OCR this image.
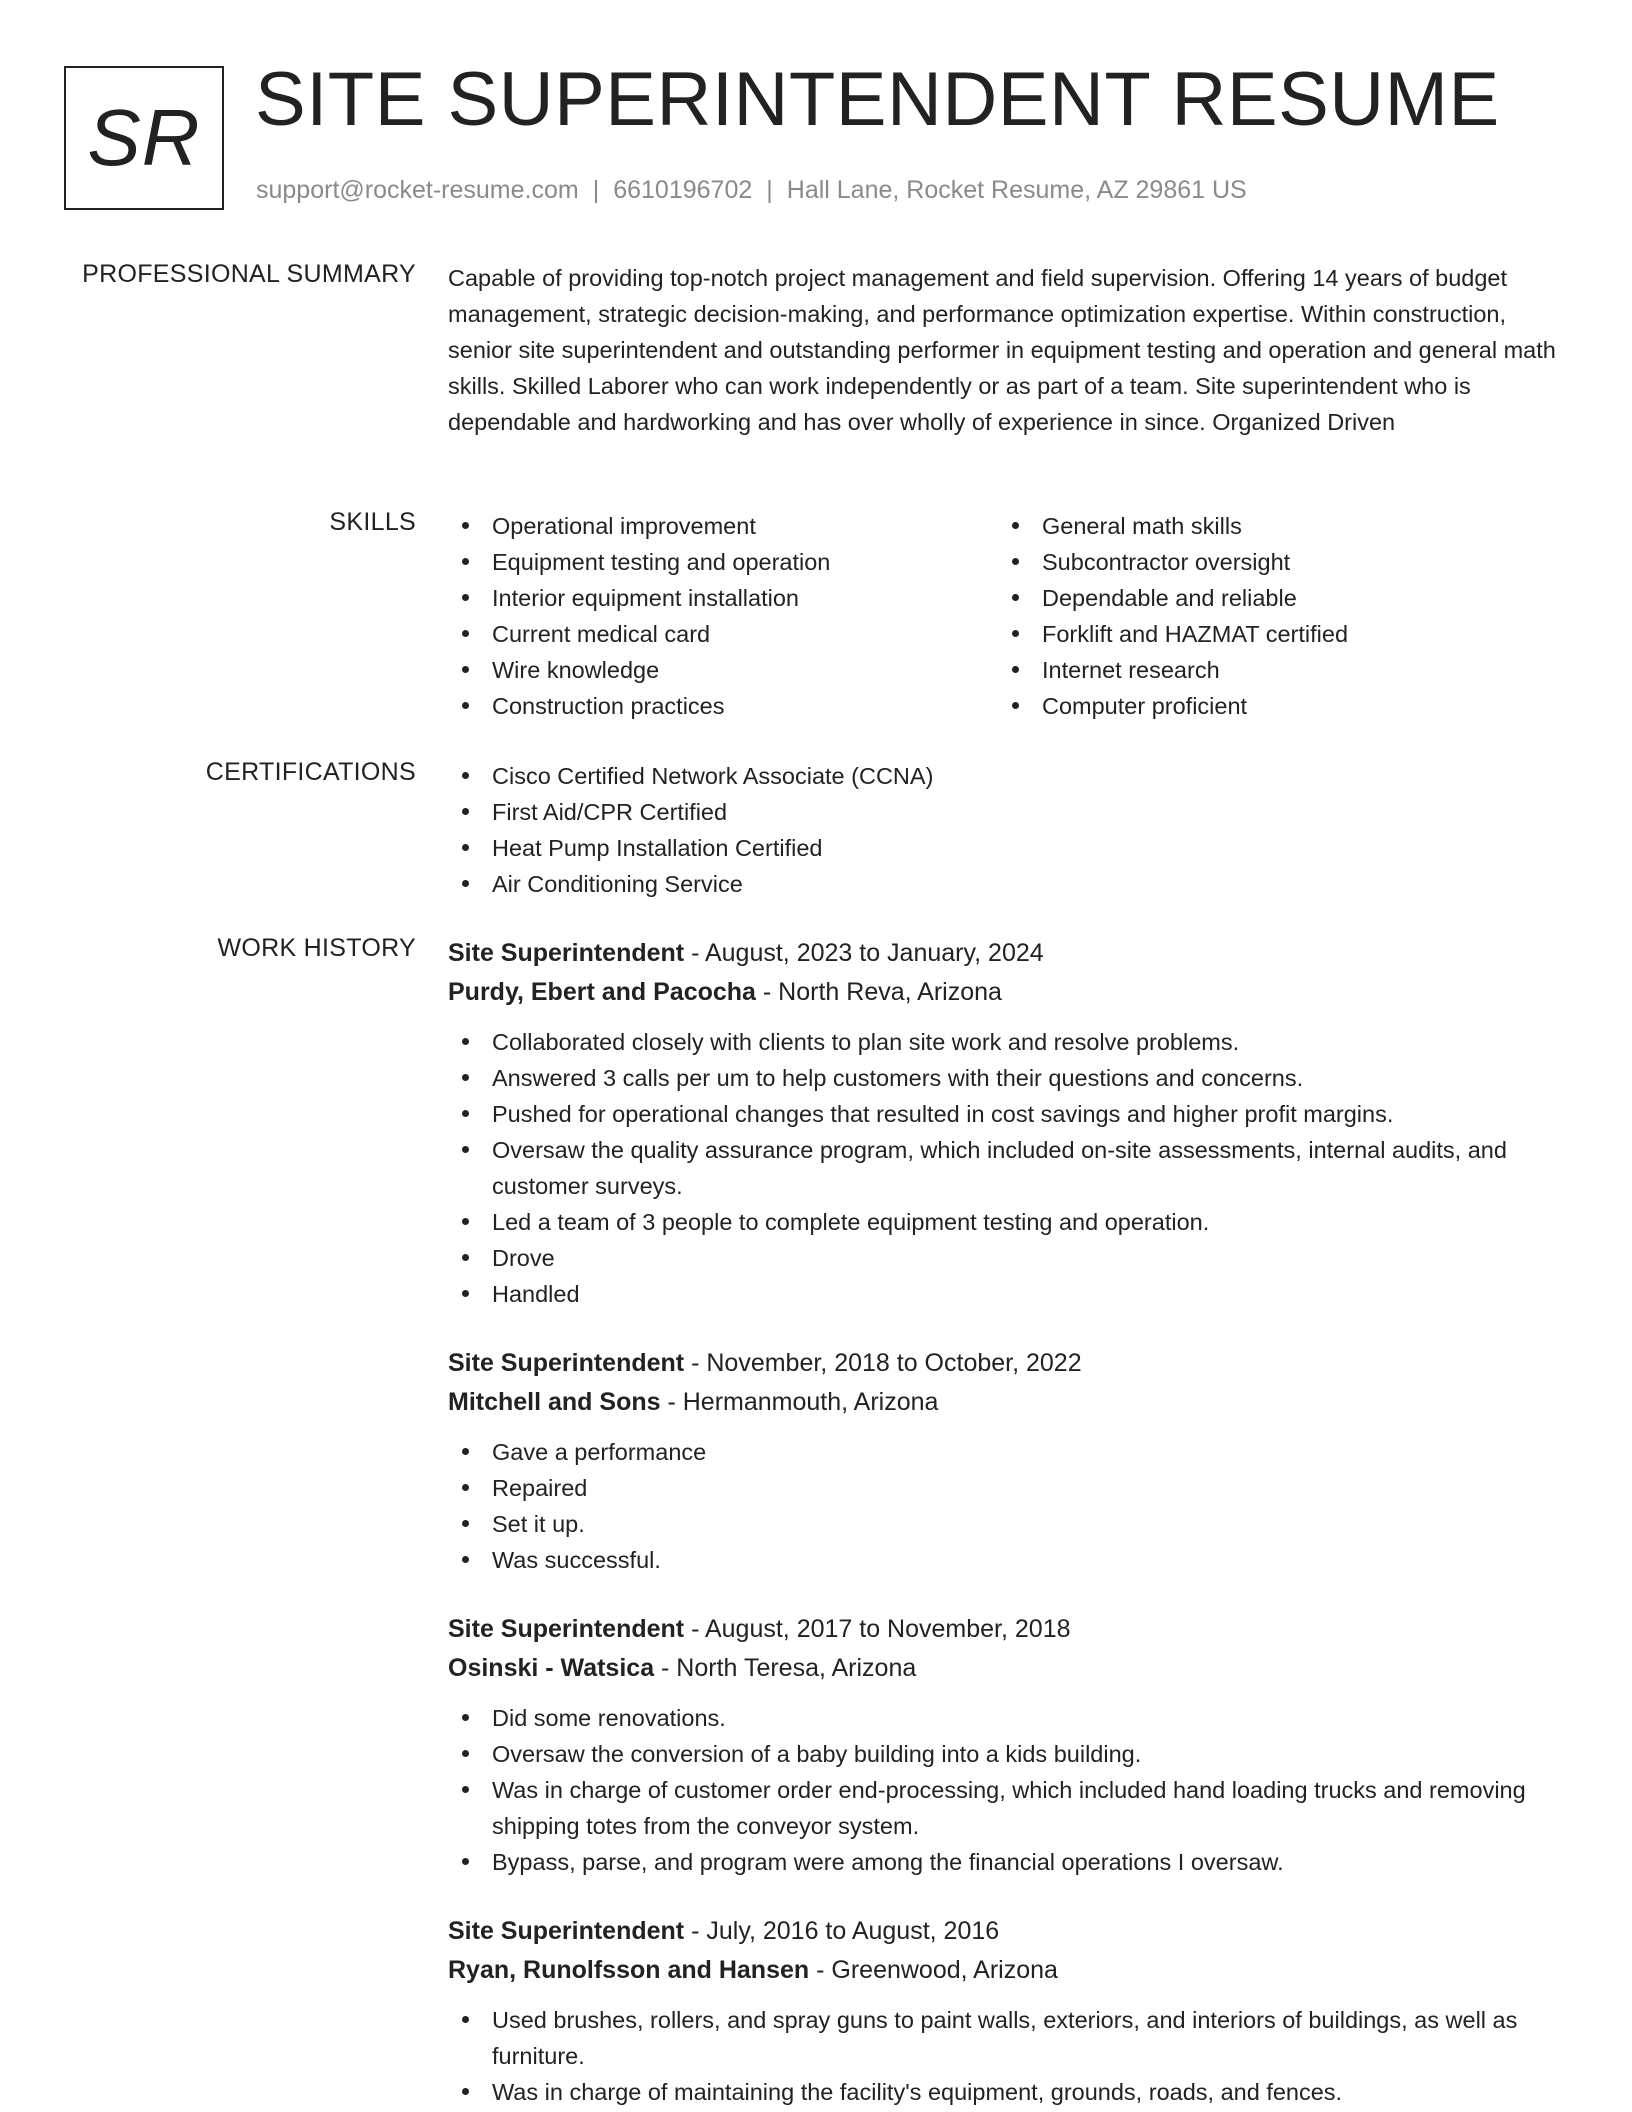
SR SITE SUPERINTENDENT RESUME
support@rocket-resume.com | 6610196702 | Hall Lane, Rocket Resume, AZ 29861 US
PROFESSIONAL SUMMARY Capable of providing top-notch project management and field supervision. Offering 14 years of budget management, strategic decision-making, and performance optimization expertise. Within construction, senior site superintendent and outstanding performer in equipment testing and operation and general math skills. Skilled Laborer who can work independently or as part of a team. Site superintendent who is dependable and hardworking and has over wholly of experience in since. Organized Driven

SKILLS	Operational improvement
Equipment testing and operation
Interior equipment installation
Current medical card
Wire knowledge
Construction practices
General math skills
Subcontractor oversight
Dependable and reliable
Forklift and HAZMAT certified
Internet research
Computer proficient
CERTIFICATIONS	Cisco Certified Network Associate (CCNA)
First Aid/CPR Certified
Heat Pump Installation Certified
Air Conditioning Service
WORK HISTORY Site Superintendent - August, 2023 to January, 2024
Purdy, Ebert and Pacocha - North Reva, Arizona
Collaborated closely with clients to plan site work and resolve problems.
Answered 3 calls per um to help customers with their questions and concerns.
Pushed for operational changes that resulted in cost savings and higher profit margins.
Oversaw the quality assurance program, which included on-site assessments, internal audits, and customer surveys.
Led a team of 3 people to complete equipment testing and operation.
Drove
Handled
Site Superintendent - November, 2018 to October, 2022
Mitchell and Sons - Hermanmouth, Arizona
Gave a performance
Repaired
Set it up.
Was successful.
Site Superintendent - August, 2017 to November, 2018
Osinski - Watsica - North Teresa, Arizona
Did some renovations.
Oversaw the conversion of a baby building into a kids building.
Was in charge of customer order end-processing, which included hand loading trucks and removing shipping totes from the conveyor system.
Bypass, parse, and program were among the financial operations I oversaw.
Site Superintendent - July, 2016 to August, 2016
Ryan, Runolfsson and Hansen - Greenwood, Arizona
Used brushes, rollers, and spray guns to paint walls, exteriors, and interiors of buildings, as well as furniture.
Was in charge of maintaining the facility's equipment, grounds, roads, and fences.
